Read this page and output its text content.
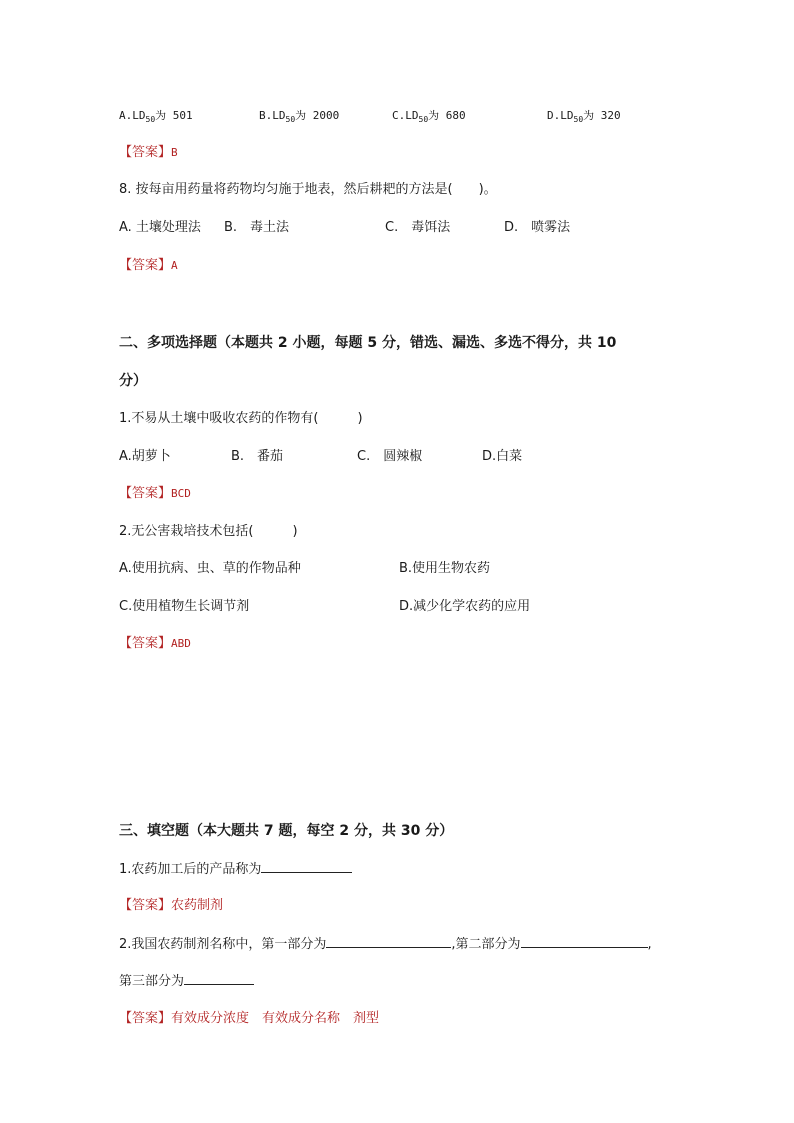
$A.LD_{50}$为 501	$B.LD_{50}$为 2000	$C.LD_{50}$为 680	$D.LD_{50}$为 320
【答案】B
8. 按每亩用药量将药物均匀施于地表，然后耕耙的方法是(　　)。
A. 土壤处理法 B.　毒土法	C.　毒饵法	D.　喷雾法
【答案】A
二、多项选择题（本题共 2 小题，每题 5 分，错选、漏选、多选不得分，共 10
分）
1.不易从土壤中吸收农药的作物有(　　　)
A.胡萝卜	B.　番茄	C.　圆辣椒	D.白菜
【答案】BCD
2.无公害栽培技术包括(　　　)
A.使用抗病、虫、草的作物品种	B.使用生物农药
C.使用植物生长调节剂	D.减少化学农药的应用
【答案】ABD
三、填空题（本大题共 7 题，每空 2 分，共 30 分）
1.农药加工后的产品称为
【答案】农药制剂
2.我国农药制剂名称中，第一部分为	,第二部分为	,
第三部分为
【答案】有效成分浓度　有效成分名称　剂型
